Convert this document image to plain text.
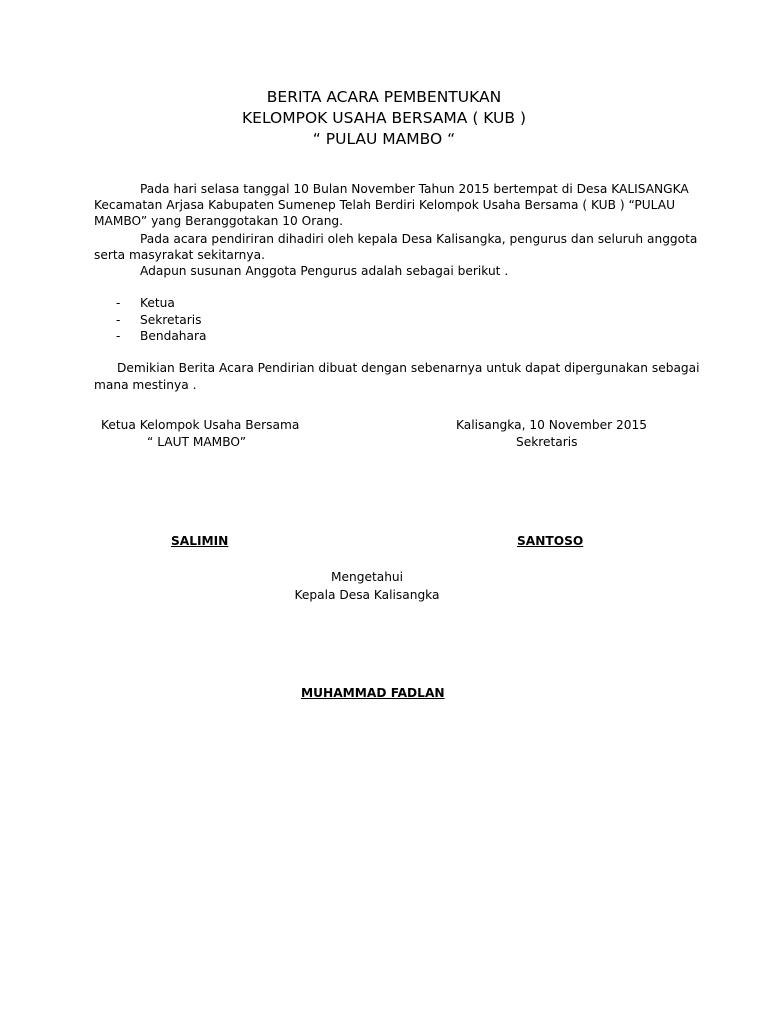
BERITA ACARA PEMBENTUKAN
KELOMPOK USAHA BERSAMA ( KUB )
“ PULAU MAMBO “
Pada hari selasa tanggal 10 Bulan November Tahun 2015 bertempat di Desa KALISANGKA
Kecamatan Arjasa Kabupaten Sumenep Telah Berdiri Kelompok Usaha Bersama ( KUB ) “PULAU
MAMBO” yang Beranggotakan 10 Orang.
Pada acara pendiriran dihadiri oleh kepala Desa Kalisangka, pengurus dan seluruh anggota
serta masyrakat sekitarnya.
Adapun susunan Anggota Pengurus adalah sebagai berikut .
- Ketua
- Sekretaris
- Bendahara
Demikian Berita Acara Pendirian dibuat dengan sebenarnya untuk dapat dipergunakan sebagai
mana mestinya .
Ketua Kelompok Usaha Bersama
“ LAUT MAMBO”
Kalisangka, 10 November 2015
Sekretaris
SALIMIN	SANTOSO
Mengetahui
Kepala Desa Kalisangka
MUHAMMAD FADLAN
